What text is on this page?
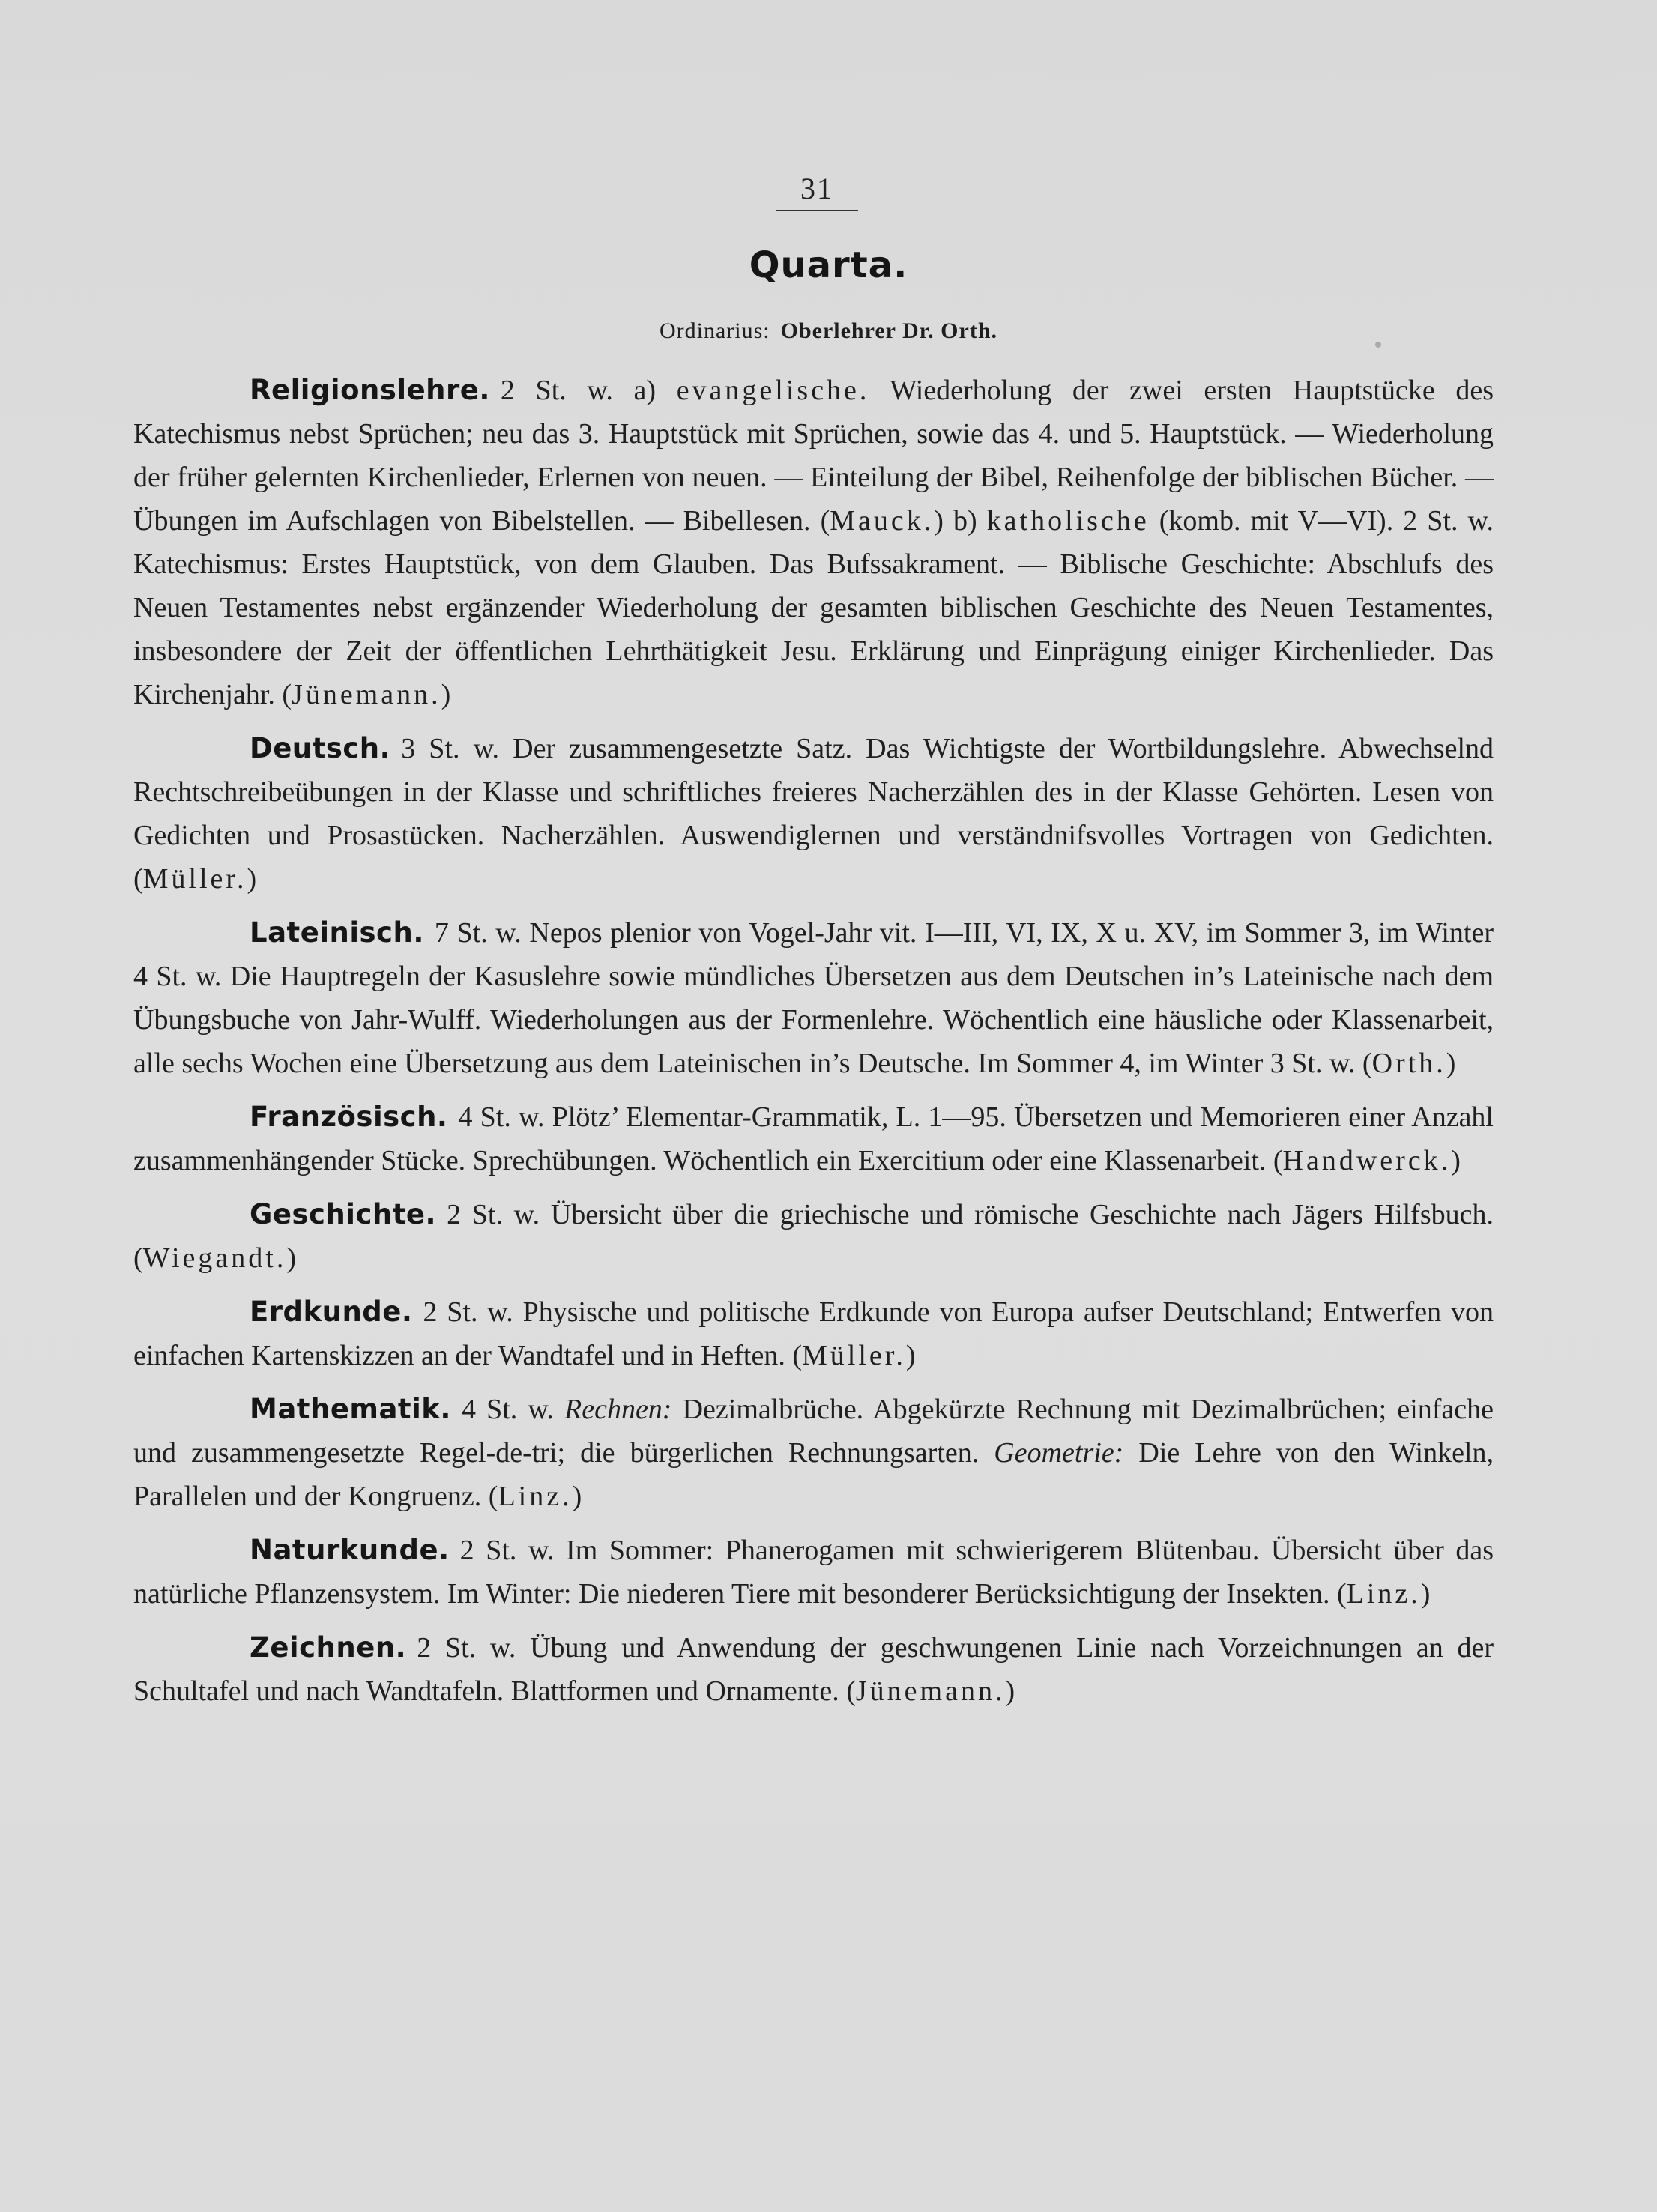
31
Quarta.
Ordinarius: Oberlehrer Dr. Orth.

Religionslehre. 2 St. w. a) evangelische. Wiederholung der zwei ersten Hauptstücke des Katechismus nebst Sprüchen; neu das 3. Hauptstück mit Sprüchen, sowie das 4. und 5. Hauptstück. — Wiederholung der früher gelernten Kirchenlieder, Erlernen von neuen. — Einteilung der Bibel, Reihenfolge der biblischen Bücher. — Übungen im Aufschlagen von Bibelstellen. — Bibellesen. (Mauck.) b) katholische (komb. mit V—VI). 2 St. w. Katechismus: Erstes Hauptstück, von dem Glauben. Das Bufssakrament. — Biblische Geschichte: Abschlufs des Neuen Testamentes nebst ergänzender Wiederholung der gesamten biblischen Geschichte des Neuen Testamentes, insbesondere der Zeit der öffentlichen Lehrthätigkeit Jesu. Erklärung und Einprägung einiger Kirchenlieder. Das Kirchenjahr. (Jünemann.)

Deutsch. 3 St. w. Der zusammengesetzte Satz. Das Wichtigste der Wortbildungslehre. Abwechselnd Rechtschreibeübungen in der Klasse und schriftliches freieres Nacherzählen des in der Klasse Gehörten. Lesen von Gedichten und Prosastücken. Nacherzählen. Auswendiglernen und verständnifsvolles Vortragen von Gedichten. (Müller.)

Lateinisch. 7 St. w. Nepos plenior von Vogel-Jahr vit. I—III, VI, IX, X u. XV, im Sommer 3, im Winter 4 St. w. Die Hauptregeln der Kasuslehre sowie mündliches Übersetzen aus dem Deutschen in’s Lateinische nach dem Übungsbuche von Jahr-Wulff. Wiederholungen aus der Formenlehre. Wöchentlich eine häusliche oder Klassenarbeit, alle sechs Wochen eine Übersetzung aus dem Lateinischen in’s Deutsche. Im Sommer 4, im Winter 3 St. w. (Orth.)

Französisch. 4 St. w. Plötz’ Elementar-Grammatik, L. 1—95. Übersetzen und Memorieren einer Anzahl zusammenhängender Stücke. Sprechübungen. Wöchentlich ein Exercitium oder eine Klassenarbeit. (Handwerck.)

Geschichte. 2 St. w. Übersicht über die griechische und römische Geschichte nach Jägers Hilfsbuch. (Wiegandt.)

Erdkunde. 2 St. w. Physische und politische Erdkunde von Europa aufser Deutschland; Entwerfen von einfachen Kartenskizzen an der Wandtafel und in Heften. (Müller.)

Mathematik. 4 St. w. Rechnen: Dezimalbrüche. Abgekürzte Rechnung mit Dezimalbrüchen; einfache und zusammengesetzte Regel-de-tri; die bürgerlichen Rechnungsarten. Geometrie: Die Lehre von den Winkeln, Parallelen und der Kongruenz. (Linz.)

Naturkunde. 2 St. w. Im Sommer: Phanerogamen mit schwierigerem Blütenbau. Übersicht über das natürliche Pflanzensystem. Im Winter: Die niederen Tiere mit besonderer Berücksichtigung der Insekten. (Linz.)

Zeichnen. 2 St. w. Übung und Anwendung der geschwungenen Linie nach Vorzeichnungen an der Schultafel und nach Wandtafeln. Blattformen und Ornamente. (Jünemann.)
